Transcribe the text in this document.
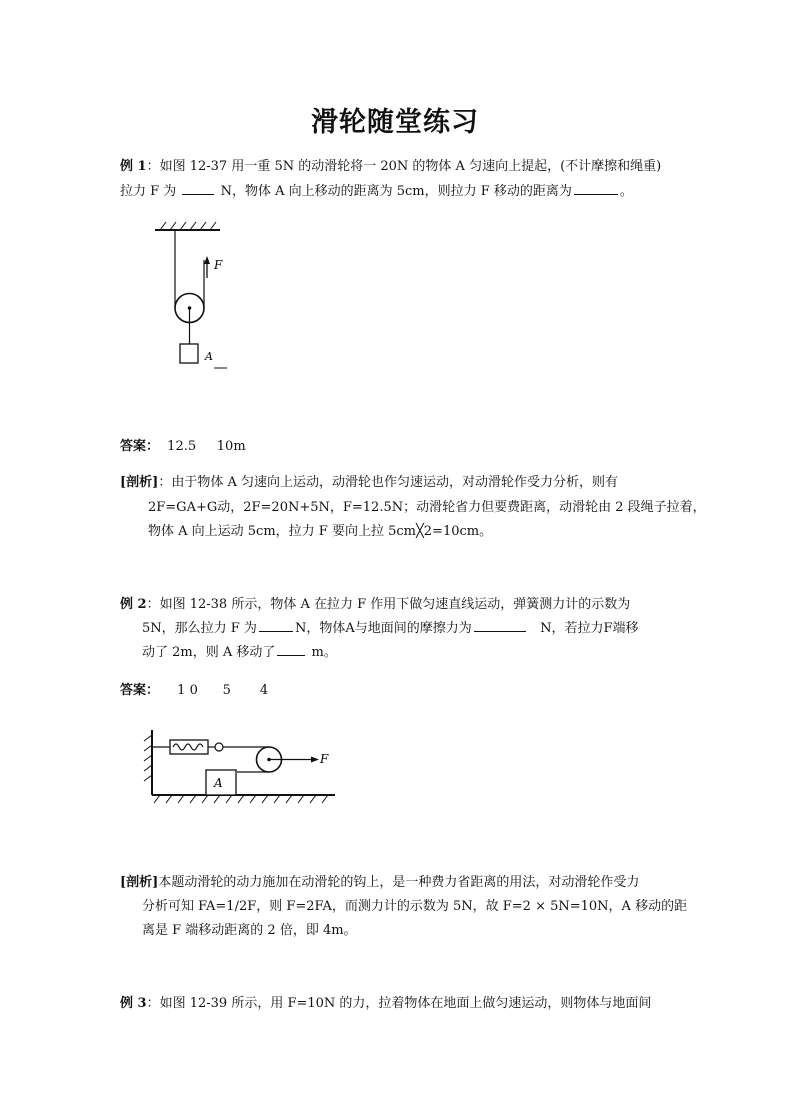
滑轮随堂练习
例 1：如图 12-37 用一重 5N 的动滑轮将一 20N 的物体 A 匀速向上提起，(不计摩擦和绳重)
拉力 F 为	N，物体 A 向上移动的距离为 5cm，则拉力 F 移动的距离为	。
F
A
答案： 12.5     10m
[剖析]：由于物体 A 匀速向上运动，动滑轮也作匀速运动，对动滑轮作受力分析，则有
2F=GA+G动，2F=20N+5N，F=12.5N；动滑轮省力但要费距离，动滑轮由 2 段绳子拉着，
物体 A 向上运动 5cm，拉力 F 要向上拉 5cm╳2=10cm。
例 2：如图 12-38 所示，物体 A 在拉力 F 作用下做匀速直线运动，弹簧测力计的示数为
5N，那么拉力 F 为	N，物体A与地面间的摩擦力为	N，若拉力F端移
动了 2m，则 A 移动了	m。
答案： 1 0      5       4
F
A
[剖析]本题动滑轮的动力施加在动滑轮的钩上，是一种费力省距离的用法，对动滑轮作受力
分析可知 FA=1/2F，则 F=2FA，而测力计的示数为 5N，故 F=2 × 5N=10N，A 移动的距
离是 F 端移动距离的 2 倍，即 4m。
例 3：如图 12-39 所示，用 F=10N 的力，拉着物体在地面上做匀速运动，则物体与地面间
